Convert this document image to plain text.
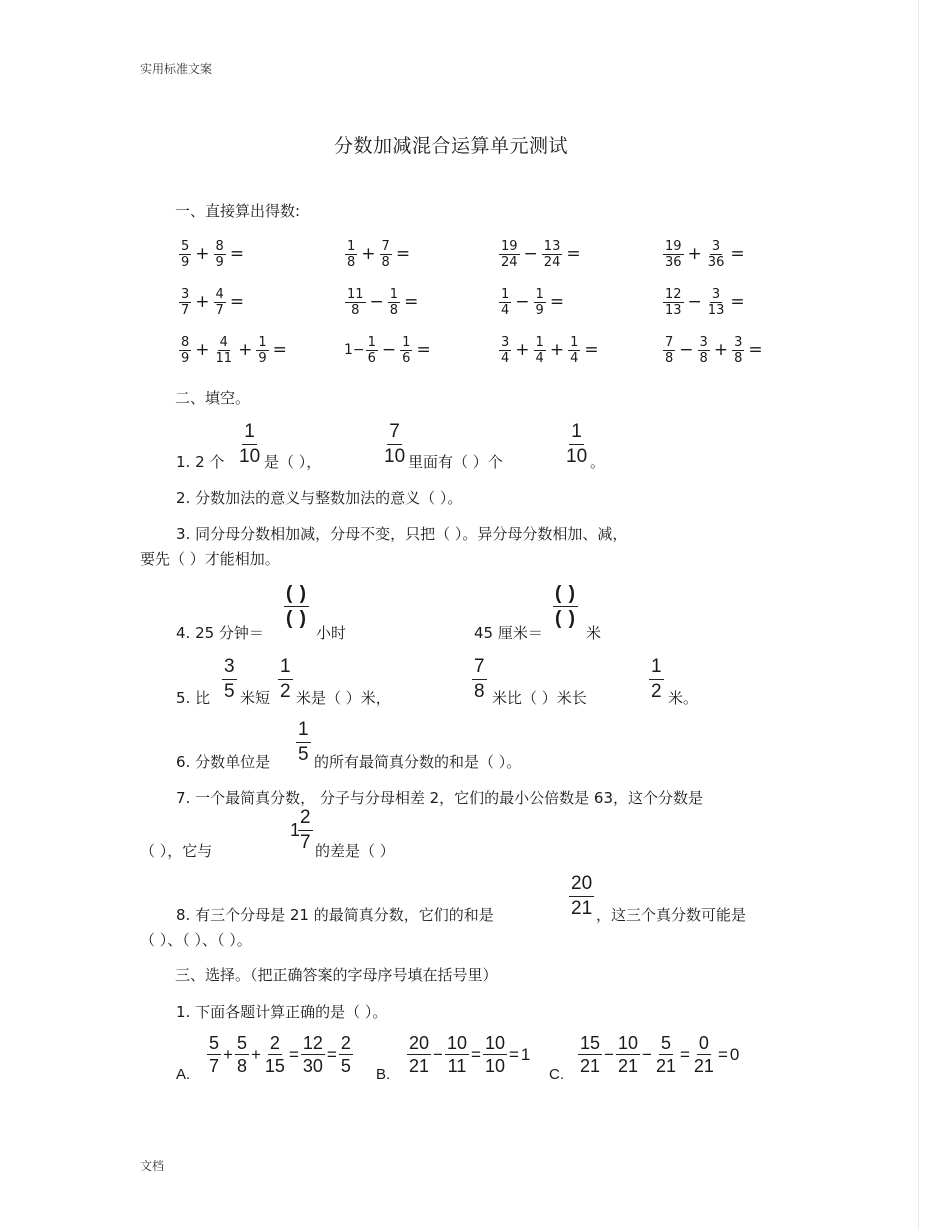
实用标准文案
分数加减混合运算单元测试
一、直接算出得数:
$\frac{5}{9} + \frac{8}{9}$ =	$\frac{1}{8} + \frac{7}{8}$ =	$\frac{19}{24} - \frac{13}{24}$ =	$\frac{19}{36} + \frac{3}{36}$ =
$\frac{3}{7} + \frac{4}{7}$ =	$\frac{11}{8} - \frac{1}{8}$ =	$\frac{1}{4} - \frac{1}{9}$ =	$\frac{12}{13} - \frac{3}{13}$ =
$\frac{8}{9} + \frac{4}{11} + \frac{1}{9}$ =	$1- \frac{1}{6} - \frac{1}{6}$ =	$\frac{3}{4} + \frac{1}{4} + \frac{1}{4}$ =	$\frac{7}{8} - \frac{3}{8} + \frac{3}{8}$ =
二、填空。
1. 2 个
1
10 是（ ），
7
10 里面有（ ）个
1
10 。
2. 分数加法的意义与整数加法的意义（ ）。
3. 同分母分数相加减，分母不变，只把（ ）。异分母分数相加、减，
要先（ ）才能相加。
4. 25 分钟＝
( )
( )
小时	45 厘米＝
( )
( )
米
5. 比
3
5 米短
1
2 米是（ ）米，
7
8 米比（ ）米长
1
2 米。
6. 分数单位是
1
5 的所有最简真分数的和是（ ）。
7. 一个最简真分数， 分子与分母相差 2，它们的最小公倍数是 63，这个分数是
（ ），它与
1
2
7 的差是（ ）
8. 有三个分母是 21 的最简真分数，它们的和是
20
21 ，这三个真分数可能是
（ ）、（ ）、（ ）。
三、选择。（把正确答案的字母序号填在括号里）
1. 下面各题计算正确的是（ ）。
A. $\frac{5}{7} + \frac{5}{8} + \frac{2}{15} = \frac{12}{30} = \frac{2}{5} B$. $\frac{20}{21} - \frac{10}{11} = \frac{10}{10} = 1$
C. $\frac{15}{21} - \frac{10}{21} - \frac{5}{21} = \frac{0}{21} = 0$
文档
